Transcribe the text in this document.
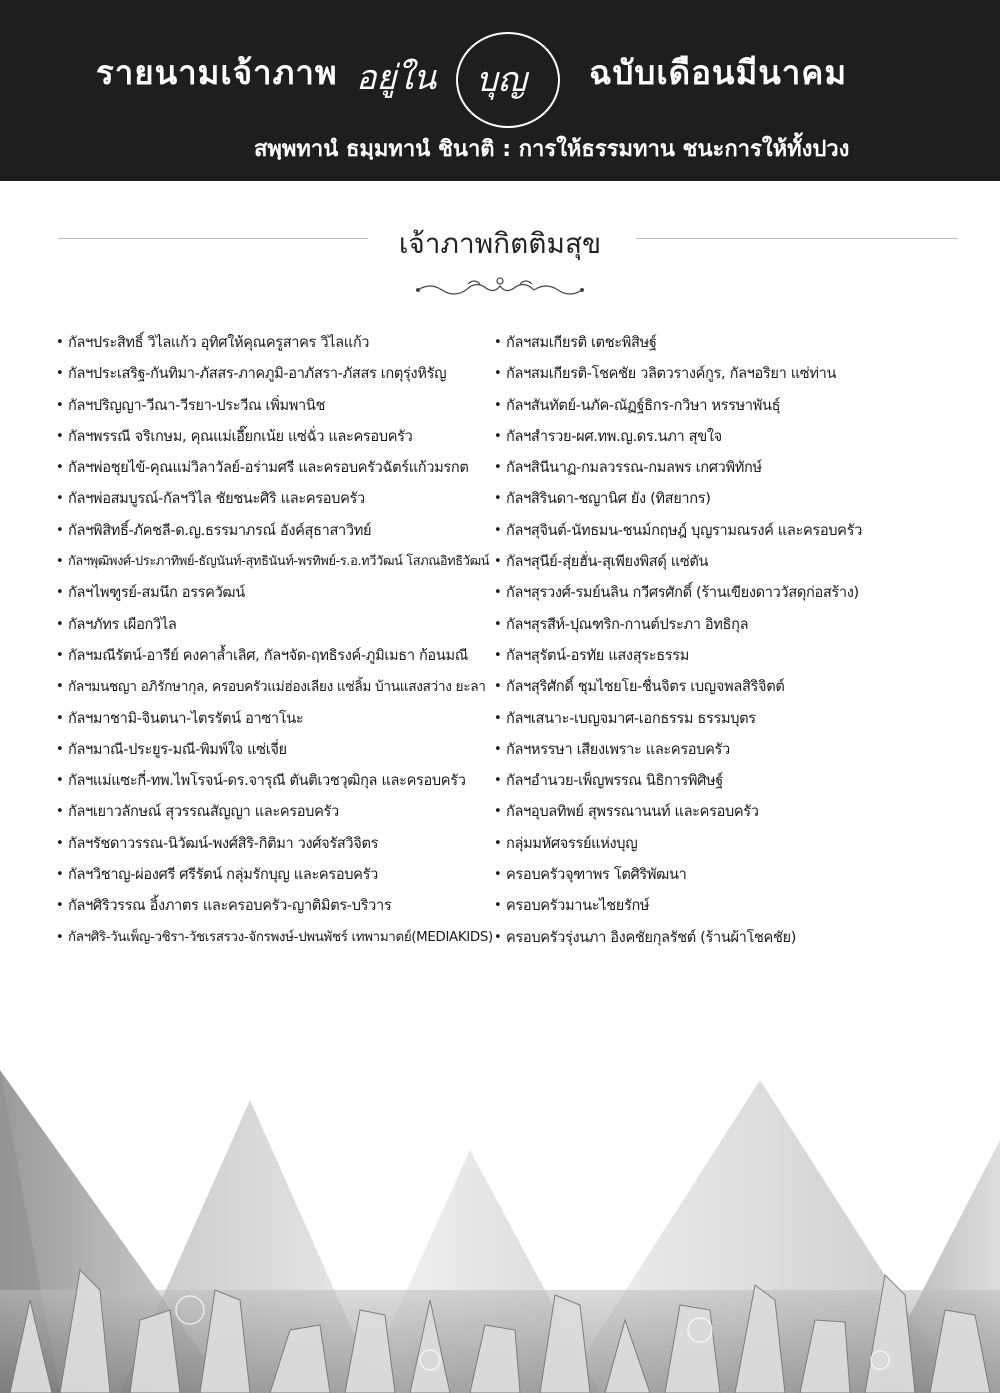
รายนามเจ้าภาพ อยู่ใน บุญ ฉบับเดือนมีนาคม
สพฺพทานํ ธมฺมทานํ ชินาติ : การให้ธรรมทาน ชนะการให้ทั้งปวง
เจ้าภาพกิตติมสุข
• กัลฯประสิทธิ์ วิไลแก้ว อุทิศให้คุณครูสาคร วิไลแก้ว
• กัลฯประเสริฐ-กันทิมา-ภัสสร-ภาคภูมิ-อาภัสรา-ภัสสร เกตุรุ่งหิรัญ
• กัลฯปริญญา-วีณา-วีรยา-ประวีณ เพิ่มพานิช
• กัลฯพรรณี จริเกษม, คุณแม่เอี๊ยกเน้ย แซ่ฉั่ว และครอบครัว
• กัลฯพ่อชุยไข้-คุณแม่วิลาวัลย์-อร่ามศรี และครอบครัวฉัตร์แก้วมรกต
• กัลฯพ่อสมบูรณ์-กัลฯวิไล ชัยชนะศิริ และครอบครัว
• กัลฯพิสิทธิ์-ภัคชลี-ด.ญ.ธรรมาภรณ์ อังค์สุธาสาวิทย์
• กัลฯพุฒิพงศ์-ประภาทิพย์-ธัญนันท์-สุทธินันท์-พรทิพย์-ร.อ.ทวีวัฒน์ โสภณอิทธิวัฒน์
• กัลฯไพฑูรย์-สมนึก อรรควัฒน์
• กัลฯภัทร เผือกวิไล
• กัลฯมณีรัตน์-อารีย์ คงคาล้ำเลิศ, กัลฯจัด-ฤทธิรงค์-ภูมิเมธา ก้อนมณี
• กัลฯมนชญา อภิรักษากุล, ครอบครัวแม่ฮ่องเลียง แซ่ลิ้ม บ้านแสงสว่าง ยะลา
• กัลฯมาชามิ-จินตนา-ไตรรัตน์ อาซาโนะ
• กัลฯมาณี-ประยูร-มณี-พิมพ์ใจ แซ่เจี่ย
• กัลฯแม่แซะกี่-ทพ.ไพโรจน์-ดร.จารุณี ตันติเวชวุฒิกุล และครอบครัว
• กัลฯเยาวลักษณ์ สุวรรณสัญญา และครอบครัว
• กัลฯรัชดาวรรณ-นิวัฒน์-พงศ์สิริ-กิติมา วงศ์จรัสวิจิตร
• กัลฯวิชาญ-ผ่องศรี ศรีรัตน์ กลุ่มรักบุญ และครอบครัว
• กัลฯศิริวรรณ อิ้งภาตร และครอบครัว-ญาติมิตร-บริวาร
• กัลฯศิริ-วันเพ็ญ-วชิรา-วัชเรสรวง-จักรพงษ์-ปพนพัชร์ เทพามาตย์(MEDIAKIDS)
• กัลฯสมเกียรติ เตชะพิสิษฐ์
• กัลฯสมเกียรติ-โชคชัย วลิตวรางค์กูร, กัลฯอริยา แซ่ท่าน
• กัลฯสันทัตย์-นภัค-ณัฏฐ์ธิกร-กวิษา หรรษาพันธุ์
• กัลฯสำรวย-ผศ.ทพ.ญ.ดร.นภา สุขใจ
• กัลฯสินีนาฏ-กมลวรรณ-กมลพร เกศวพิทักษ์
• กัลฯสิรินดา-ชญานิศ ยัง (ทิสยากร)
• กัลฯสุจินต์-นัทธมน-ชนม์กฤษฎ์ บุญรามณรงค์ และครอบครัว
• กัลฯสุนีย์-สุ่ยฮั่น-สุเพียงพิสดุ์ แซ่ตัน
• กัลฯสุรวงศ์-รมย์นลิน กวีศรศักดิ์ (ร้านเขียงดาววัสดุก่อสร้าง)
• กัลฯสุรสีห์-ปุณฑริก-กานต์ประภา อิทธิกุล
• กัลฯสุรัตน์-อรทัย แสงสุระธรรม
• กัลฯสุริศักดิ์ ชุมไชยโย-ชื่นจิตร เบญจพลสิริจิตต์
• กัลฯเสนาะ-เบญจมาศ-เอกธรรม ธรรมบุตร
• กัลฯหรรษา เสียงเพราะ และครอบครัว
• กัลฯอำนวย-เพ็ญพรรณ นิธิการพิศิษฐ์
• กัลฯอุบลทิพย์ สุพรรณานนท์ และครอบครัว
• กลุ่มมหัศจรรย์แห่งบุญ
• ครอบครัวจุฑาพร โตศิริพัฒนา
• ครอบครัวมานะไชยรักษ์
• ครอบครัวรุ่งนภา อิงคชัยกุลรัชต์ (ร้านผ้าโชคชัย)
